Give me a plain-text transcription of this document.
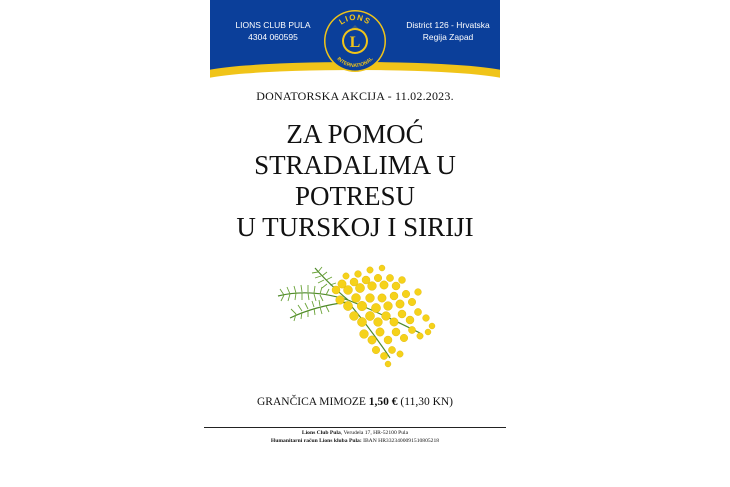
LIONS CLUB PULA
4304 060595	L
LIONS
INTERNATIONAL
District 126 - Hrvatska
Regija Zapad
DONATORSKA AKCIJA - 11.02.2023.
ZA POMOĆ
STRADALIMA U
POTRESU
U TURSKOJ I SIRIJI
GRANČICA MIMOZE 1,50 € (11,30 KN)
Lions Club Pula, Verudela 17, HR-52100 Pula
Humanitarni račun Lions kluba Pula: IBAN HR3323400091510805218
